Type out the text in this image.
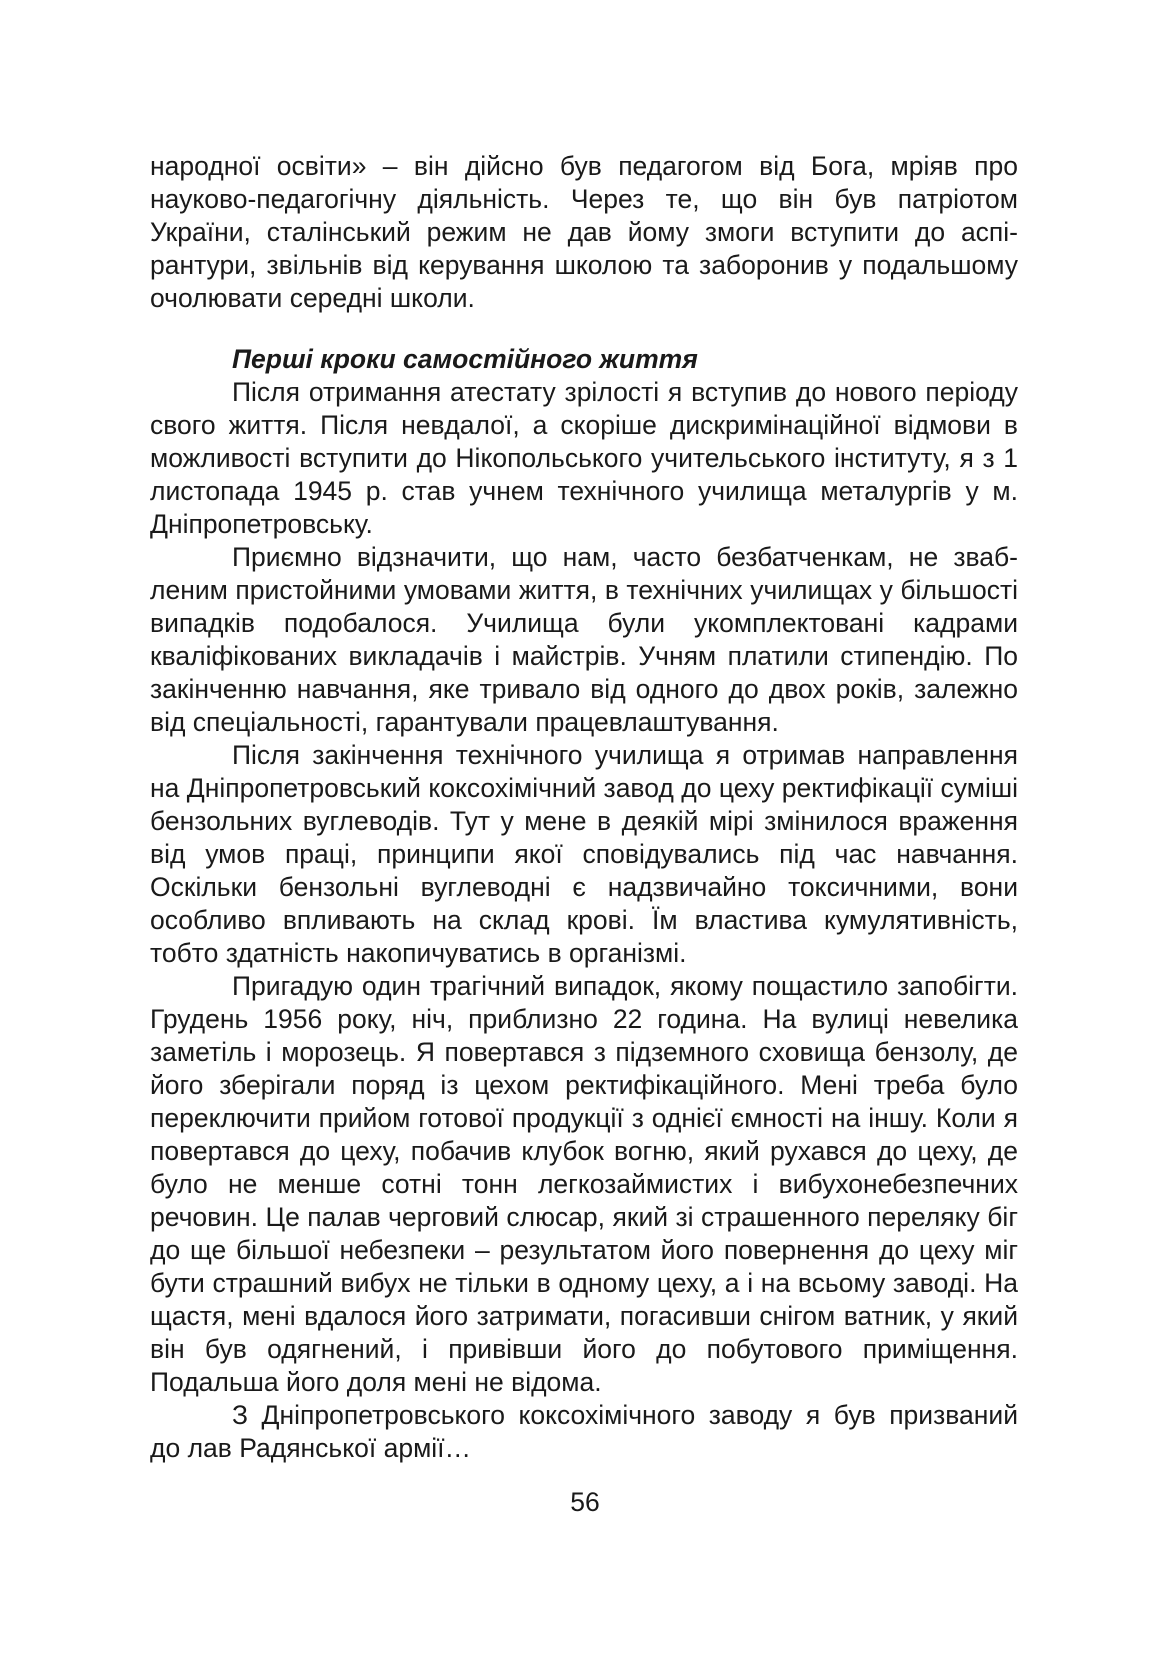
народної освіти» – він дійсно був педагогом від Бога, мріяв про науково-педагогічну діяльність. Через те, що він був патріотом України, сталінський режим не дав йому змоги вступити до аспірантури, звільнів від керування школою та заборонив у подальшому очолювати середні школи.

Перші кроки самостійного життя

Після отримання атестату зрілості я вступив до нового періоду свого життя. Після невдалої, а скоріше дискримінаційної відмови в можливості вступити до Нікопольського учительського інституту, я з 1 листопада 1945 р. став учнем технічного училища металургів у м. Дніпропетровську.

Приємно відзначити, що нам, часто безбатченкам, не звабленим пристойними умовами життя, в технічних училищах у більшості випадків подобалося. Училища були укомплектовані кадрами кваліфікованих викладачів і майстрів. Учням платили стипендію. По закінченню навчання, яке тривало від одного до двох років, залежно від спеціальності, гарантували працевлаштування.

Після закінчення технічного училища я отримав направлення на Дніпропетровський коксохімічний завод до цеху ректифікації суміші бензольних вуглеводів. Тут у мене в деякій мірі змінилося враження від умов праці, принципи якої сповідувались під час навчання. Оскільки бензольні вуглеводні є надзвичайно токсичними, вони особливо впливають на склад крові. Їм властива кумулятивність, тобто здатність накопичуватись в організмі.

Пригадую один трагічний випадок, якому пощастило запобігти. Грудень 1956 року, ніч, приблизно 22 година. На вулиці невелика заметіль і морозець. Я повертався з підземного сховища бензолу, де його зберігали поряд із цехом ректифікаційного. Мені треба було переключити прийом готової продукції з однієї ємності на іншу. Коли я повертався до цеху, побачив клубок вогню, який рухався до цеху, де було не менше сотні тонн легкозаймистих і вибухонебезпечних речовин. Це палав черговий слюсар, який зі страшенного переляку біг до ще більшої небезпеки – результатом його повернення до цеху міг бути страшний вибух не тільки в одному цеху, а і на всьому заводі. На щастя, мені вдалося його затримати, погасивши снігом ватник, у який він був одягнений, і привівши його до побутового приміщення. Подальша його доля мені не відома.

З Дніпропетровського коксохімічного заводу я був призваний до лав Радянської армії…

56
